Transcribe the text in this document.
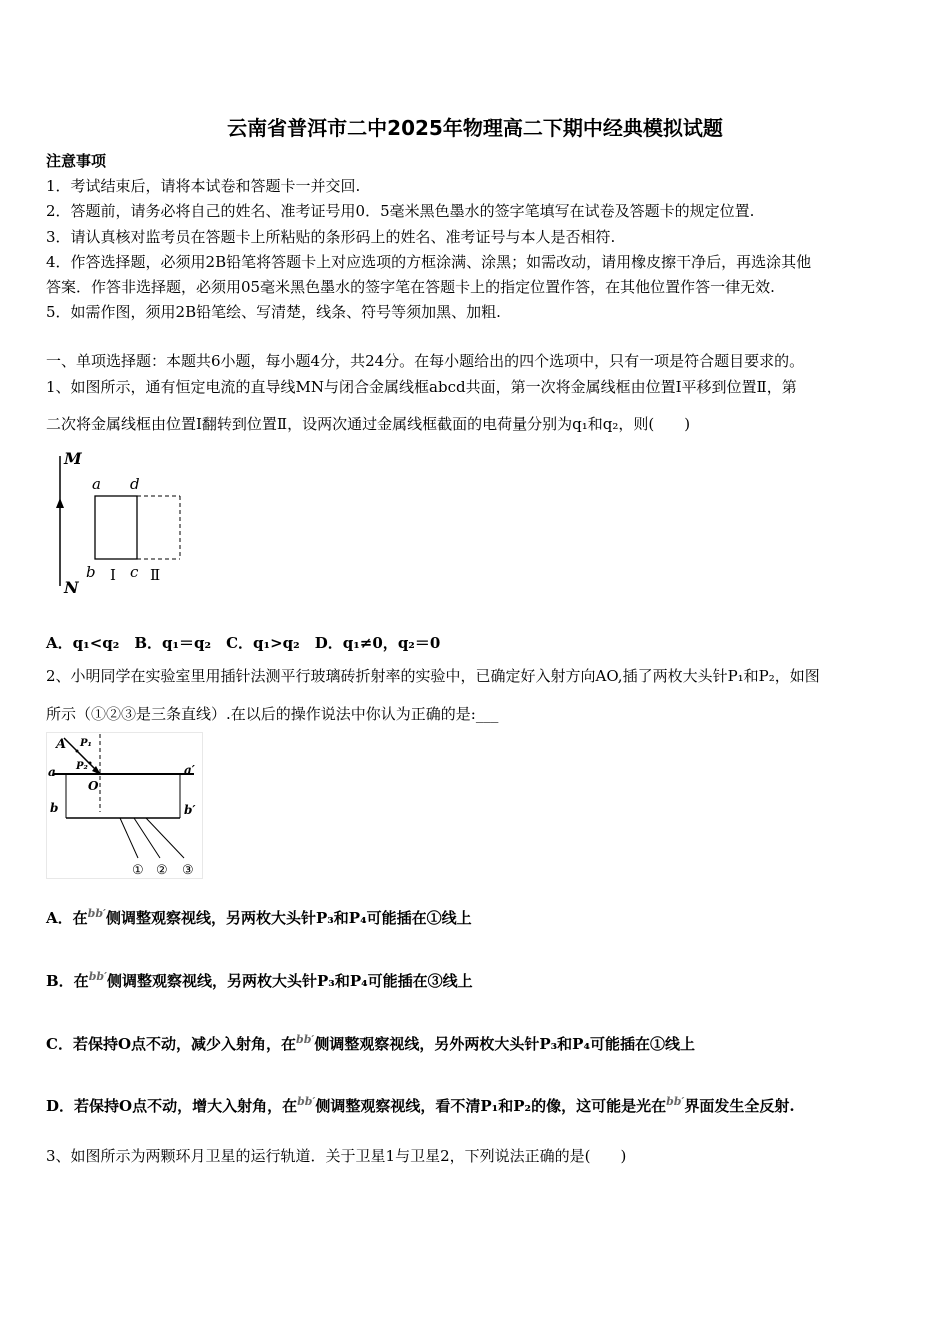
云南省普洱市二中2025年物理高二下期中经典模拟试题
注意事项
1．考试结束后，请将本试卷和答题卡一并交回.
2．答题前，请务必将自己的姓名、准考证号用0．5毫米黑色墨水的签字笔填写在试卷及答题卡的规定位置.
3．请认真核对监考员在答题卡上所粘贴的条形码上的姓名、准考证号与本人是否相符.
4．作答选择题，必须用2B铅笔将答题卡上对应选项的方框涂满、涂黑；如需改动，请用橡皮擦干净后，再选涂其他
答案．作答非选择题，必须用05毫米黑色墨水的签字笔在答题卡上的指定位置作答，在其他位置作答一律无效.
5．如需作图，须用2B铅笔绘、写清楚，线条、符号等须加黑、加粗.
一、单项选择题：本题共6小题，每小题4分，共24分。在每小题给出的四个选项中，只有一项是符合题目要求的。
1、如图所示，通有恒定电流的直导线MN与闭合金属线框abcd共面，第一次将金属线框由位置Ⅰ平移到位置Ⅱ，第
二次将金属线框由位置Ⅰ翻转到位置Ⅱ，设两次通过金属线框截面的电荷量分别为q₁和q₂，则(　　)
M
N
a d
b Ⅰ c Ⅱ
A．q₁<q₂　B．q₁＝q₂　C．q₁>q₂　D．q₁≠0，q₂＝0
2、小明同学在实验室里用插针法测平行玻璃砖折射率的实验中，已确定好入射方向AO,插了两枚大头针P₁和P₂，如图
所示（①②③是三条直线）.在以后的操作说法中你认为正确的是:___
A P₁
P₂
a	a′
O
b	b′
① ② ③
A．在$^{bb'}$侧调整观察视线，另两枚大头针P₃和P₄可能插在①线上
B．在$^{bb'}$侧调整观察视线，另两枚大头针P₃和P₄可能插在③线上
C．若保持O点不动，减少入射角，在$^{bb'}$侧调整观察视线，另外两枚大头针P₃和P₄可能插在①线上
D．若保持O点不动，增大入射角，在$^{bb'}$侧调整观察视线，看不清P₁和P₂的像，这可能是光在$^{bb'}$界面发生全反射.
3、如图所示为两颗环月卫星的运行轨道．关于卫星1与卫星2，下列说法正确的是(　　)
